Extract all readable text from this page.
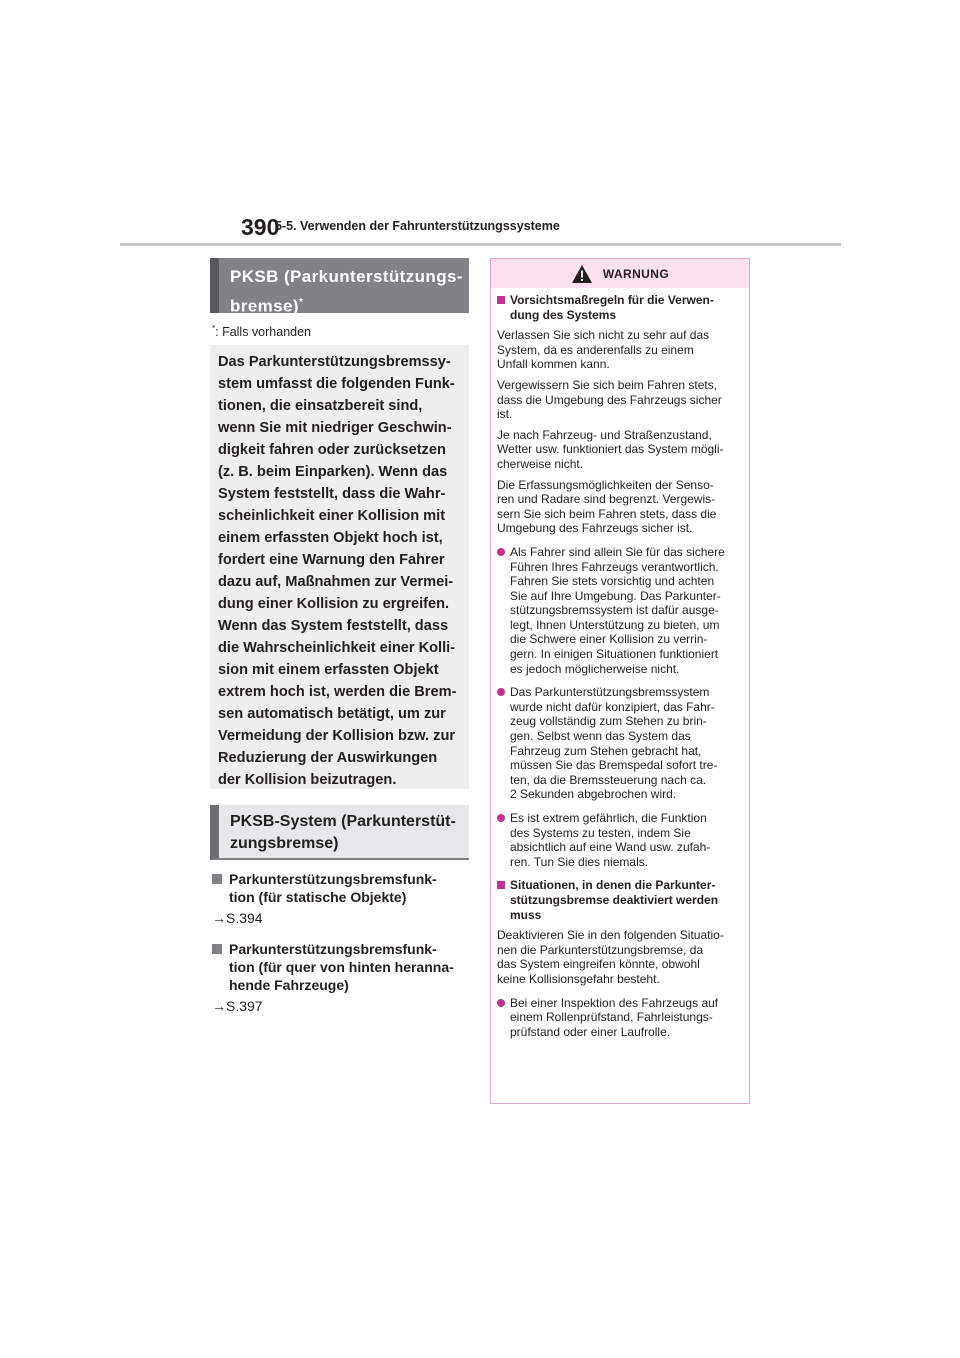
390
5-5. Verwenden der Fahrunterstützungssysteme
PKSB (Parkunterstützungs-
bremse)*
*: Falls vorhanden
Das Parkunterstützungsbremssy-
stem umfasst die folgenden Funk-
tionen, die einsatzbereit sind,
wenn Sie mit niedriger Geschwin-
digkeit fahren oder zurücksetzen
(z. B. beim Einparken). Wenn das
System feststellt, dass die Wahr-
scheinlichkeit einer Kollision mit
einem erfassten Objekt hoch ist,
fordert eine Warnung den Fahrer
dazu auf, Maßnahmen zur Vermei-
dung einer Kollision zu ergreifen.
Wenn das System feststellt, dass
die Wahrscheinlichkeit einer Kolli-
sion mit einem erfassten Objekt
extrem hoch ist, werden die Brem-
sen automatisch betätigt, um zur
Vermeidung der Kollision bzw. zur
Reduzierung der Auswirkungen
der Kollision beizutragen.
PKSB-System (Parkunterstüt-
zungsbremse)
Parkunterstützungsbremsfunk-
tion (für statische Objekte)
→S.394
Parkunterstützungsbremsfunk-
tion (für quer von hinten heranna-
hende Fahrzeuge)
→S.397
WARNUNG
Vorsichtsmaßregeln für die Verwen-
dung des Systems

Verlassen Sie sich nicht zu sehr auf das
System, da es anderenfalls zu einem
Unfall kommen kann.

Vergewissern Sie sich beim Fahren stets,
dass die Umgebung des Fahrzeugs sicher
ist.

Je nach Fahrzeug- und Straßenzustand,
Wetter usw. funktioniert das System mögli-
cherweise nicht.

Die Erfassungsmöglichkeiten der Senso-
ren und Radare sind begrenzt. Vergewis-
sern Sie sich beim Fahren stets, dass die
Umgebung des Fahrzeugs sicher ist.

Als Fahrer sind allein Sie für das sichere
Führen Ihres Fahrzeugs verantwortlich.
Fahren Sie stets vorsichtig und achten
Sie auf Ihre Umgebung. Das Parkunter-
stützungsbremssystem ist dafür ausge-
legt, Ihnen Unterstützung zu bieten, um
die Schwere einer Kollision zu verrin-
gern. In einigen Situationen funktioniert
es jedoch möglicherweise nicht.
Das Parkunterstützungsbremssystem
wurde nicht dafür konzipiert, das Fahr-
zeug vollständig zum Stehen zu brin-
gen. Selbst wenn das System das
Fahrzeug zum Stehen gebracht hat,
müssen Sie das Bremspedal sofort tre-
ten, da die Bremssteuerung nach ca.
2 Sekunden abgebrochen wird.
Es ist extrem gefährlich, die Funktion
des Systems zu testen, indem Sie
absichtlich auf eine Wand usw. zufah-
ren. Tun Sie dies niemals.
Situationen, in denen die Parkunter-
stützungsbremse deaktiviert werden
muss

Deaktivieren Sie in den folgenden Situatio-
nen die Parkunterstützungsbremse, da
das System eingreifen könnte, obwohl
keine Kollisionsgefahr besteht.

Bei einer Inspektion des Fahrzeugs auf
einem Rollenprüfstand, Fahrleistungs-
prüfstand oder einer Laufrolle.
